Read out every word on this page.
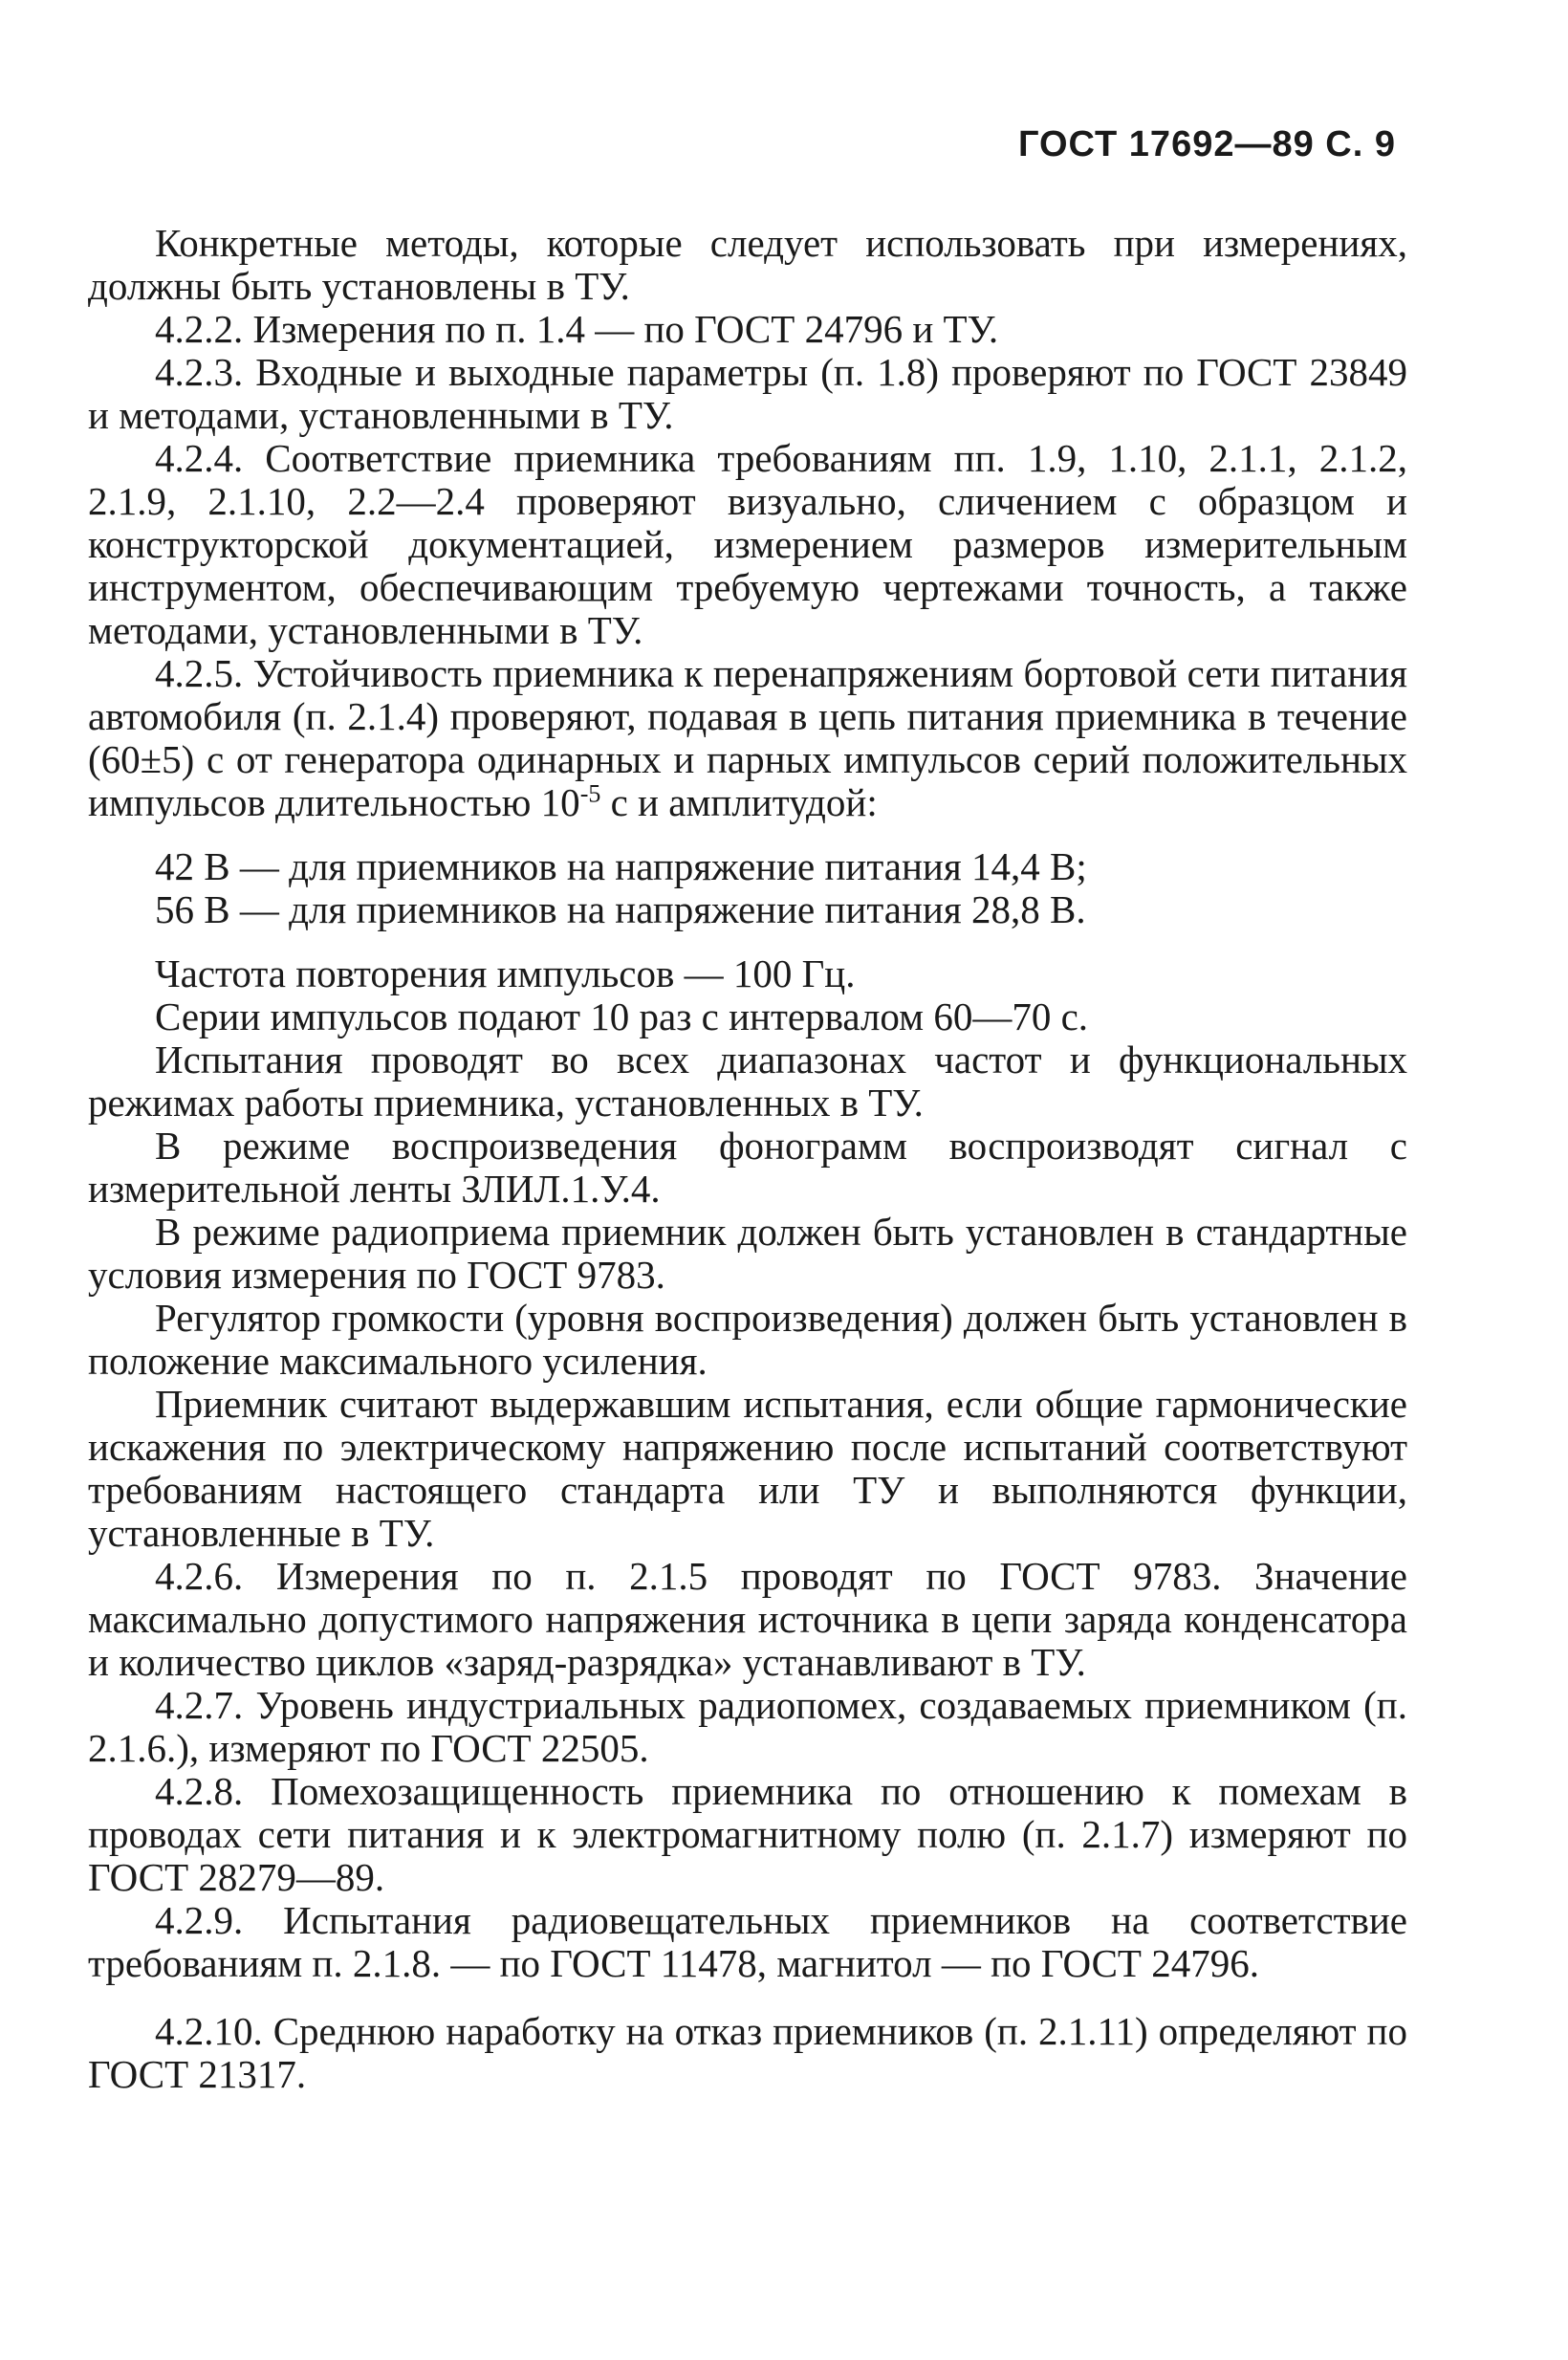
ГОСТ 17692—89 С. 9

Конкретные методы, которые следует использовать при измерениях, должны быть установлены в ТУ.

4.2.2. Измерения по п. 1.4 — по ГОСТ 24796 и ТУ.

4.2.3. Входные и выходные параметры (п. 1.8) проверяют по ГОСТ 23849 и методами, установленными в ТУ.

4.2.4. Соответствие приемника требованиям пп. 1.9, 1.10, 2.1.1, 2.1.2, 2.1.9, 2.1.10, 2.2—2.4 проверяют визуально, сличением с образцом и конструкторской документацией, измерением размеров измерительным инструментом, обеспечивающим требуемую чертежами точность, а также методами, установленными в ТУ.

4.2.5. Устойчивость приемника к перенапряжениям бортовой сети питания автомобиля (п. 2.1.4) проверяют, подавая в цепь питания приемника в течение (60±5) с от генератора одинарных и парных импульсов серий положительных импульсов длительностью $10^{-5}$ с и амплитудой:

42 В — для приемников на напряжение питания 14,4 В;

56 В — для приемников на напряжение питания 28,8 В.

Частота повторения импульсов — 100 Гц.

Серии импульсов подают 10 раз с интервалом 60—70 с.

Испытания проводят во всех диапазонах частот и функциональных режимах работы приемника, установленных в ТУ.

В режиме воспроизведения фонограмм воспроизводят сигнал с измерительной ленты ЗЛИЛ.1.У.4.

В режиме радиоприема приемник должен быть установлен в стандартные условия измерения по ГОСТ 9783.

Регулятор громкости (уровня воспроизведения) должен быть установлен в положение максимального усиления.

Приемник считают выдержавшим испытания, если общие гармонические искажения по электрическому напряжению после испытаний соответствуют требованиям настоящего стандарта или ТУ и выполняются функции, установленные в ТУ.

4.2.6. Измерения по п. 2.1.5 проводят по ГОСТ 9783. Значение максимально допустимого напряжения источника в цепи заряда конденсатора и количество циклов «заряд-разрядка» устанавливают в ТУ.

4.2.7. Уровень индустриальных радиопомех, создаваемых приемником (п. 2.1.6.), измеряют по ГОСТ 22505.

4.2.8. Помехозащищенность приемника по отношению к помехам в проводах сети питания и к электромагнитному полю (п. 2.1.7) измеряют по ГОСТ 28279—89.

4.2.9. Испытания радиовещательных приемников на соответствие требованиям п. 2.1.8. — по ГОСТ 11478, магнитол — по ГОСТ 24796.

4.2.10. Среднюю наработку на отказ приемников (п. 2.1.11) определяют по ГОСТ 21317.
